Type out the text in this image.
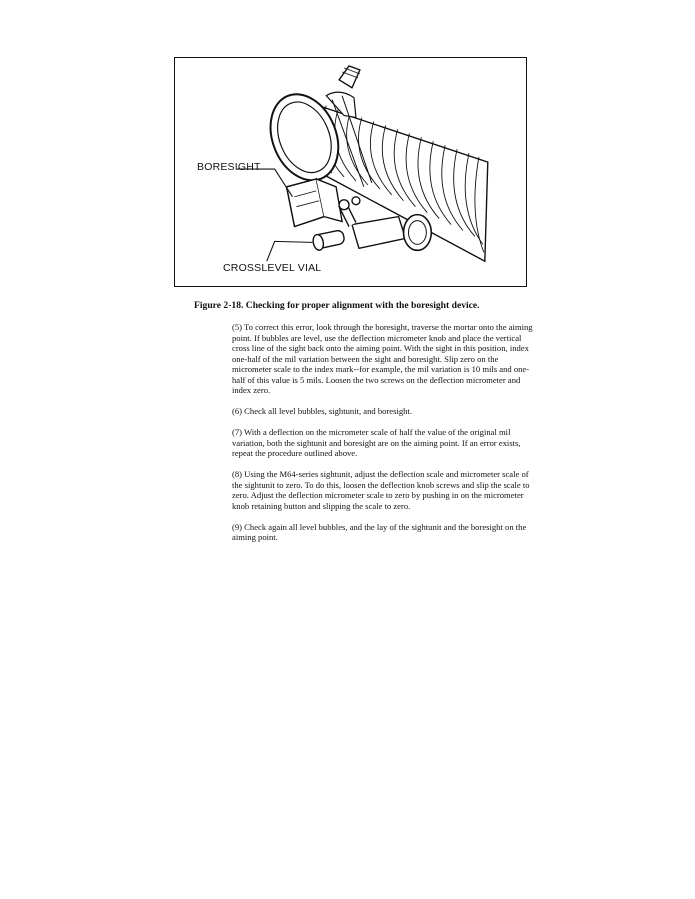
BORESIGHT
CROSSLEVEL VIAL
Figure 2-18. Checking for proper alignment with the boresight device.

(5) To correct this error, look through the boresight, traverse the mortar onto the aiming point. If bubbles are level, use the deflection micrometer knob and place the vertical cross line of the sight back onto the aiming point. With the sight in this position, index one-half of the mil variation between the sight and boresight. Slip zero on the micrometer scale to the index mark--for example, the mil variation is 10 mils and one-half of this value is 5 mils. Loosen the two screws on the deflection micrometer and index zero.

(6) Check all level bubbles, sightunit, and boresight.

(7) With a deflection on the micrometer scale of half the value of the original mil variation, both the sightunit and boresight are on the aiming point. If an error exists, repeat the procedure outlined above.

(8) Using the M64-series sightunit, adjust the deflection scale and micrometer scale of the sightunit to zero. To do this, loosen the deflection knob screws and slip the scale to zero. Adjust the deflection micrometer scale to zero by pushing in on the micrometer knob retaining button and slipping the scale to zero.

(9) Check again all level bubbles, and the lay of the sightunit and the boresight on the aiming point.
